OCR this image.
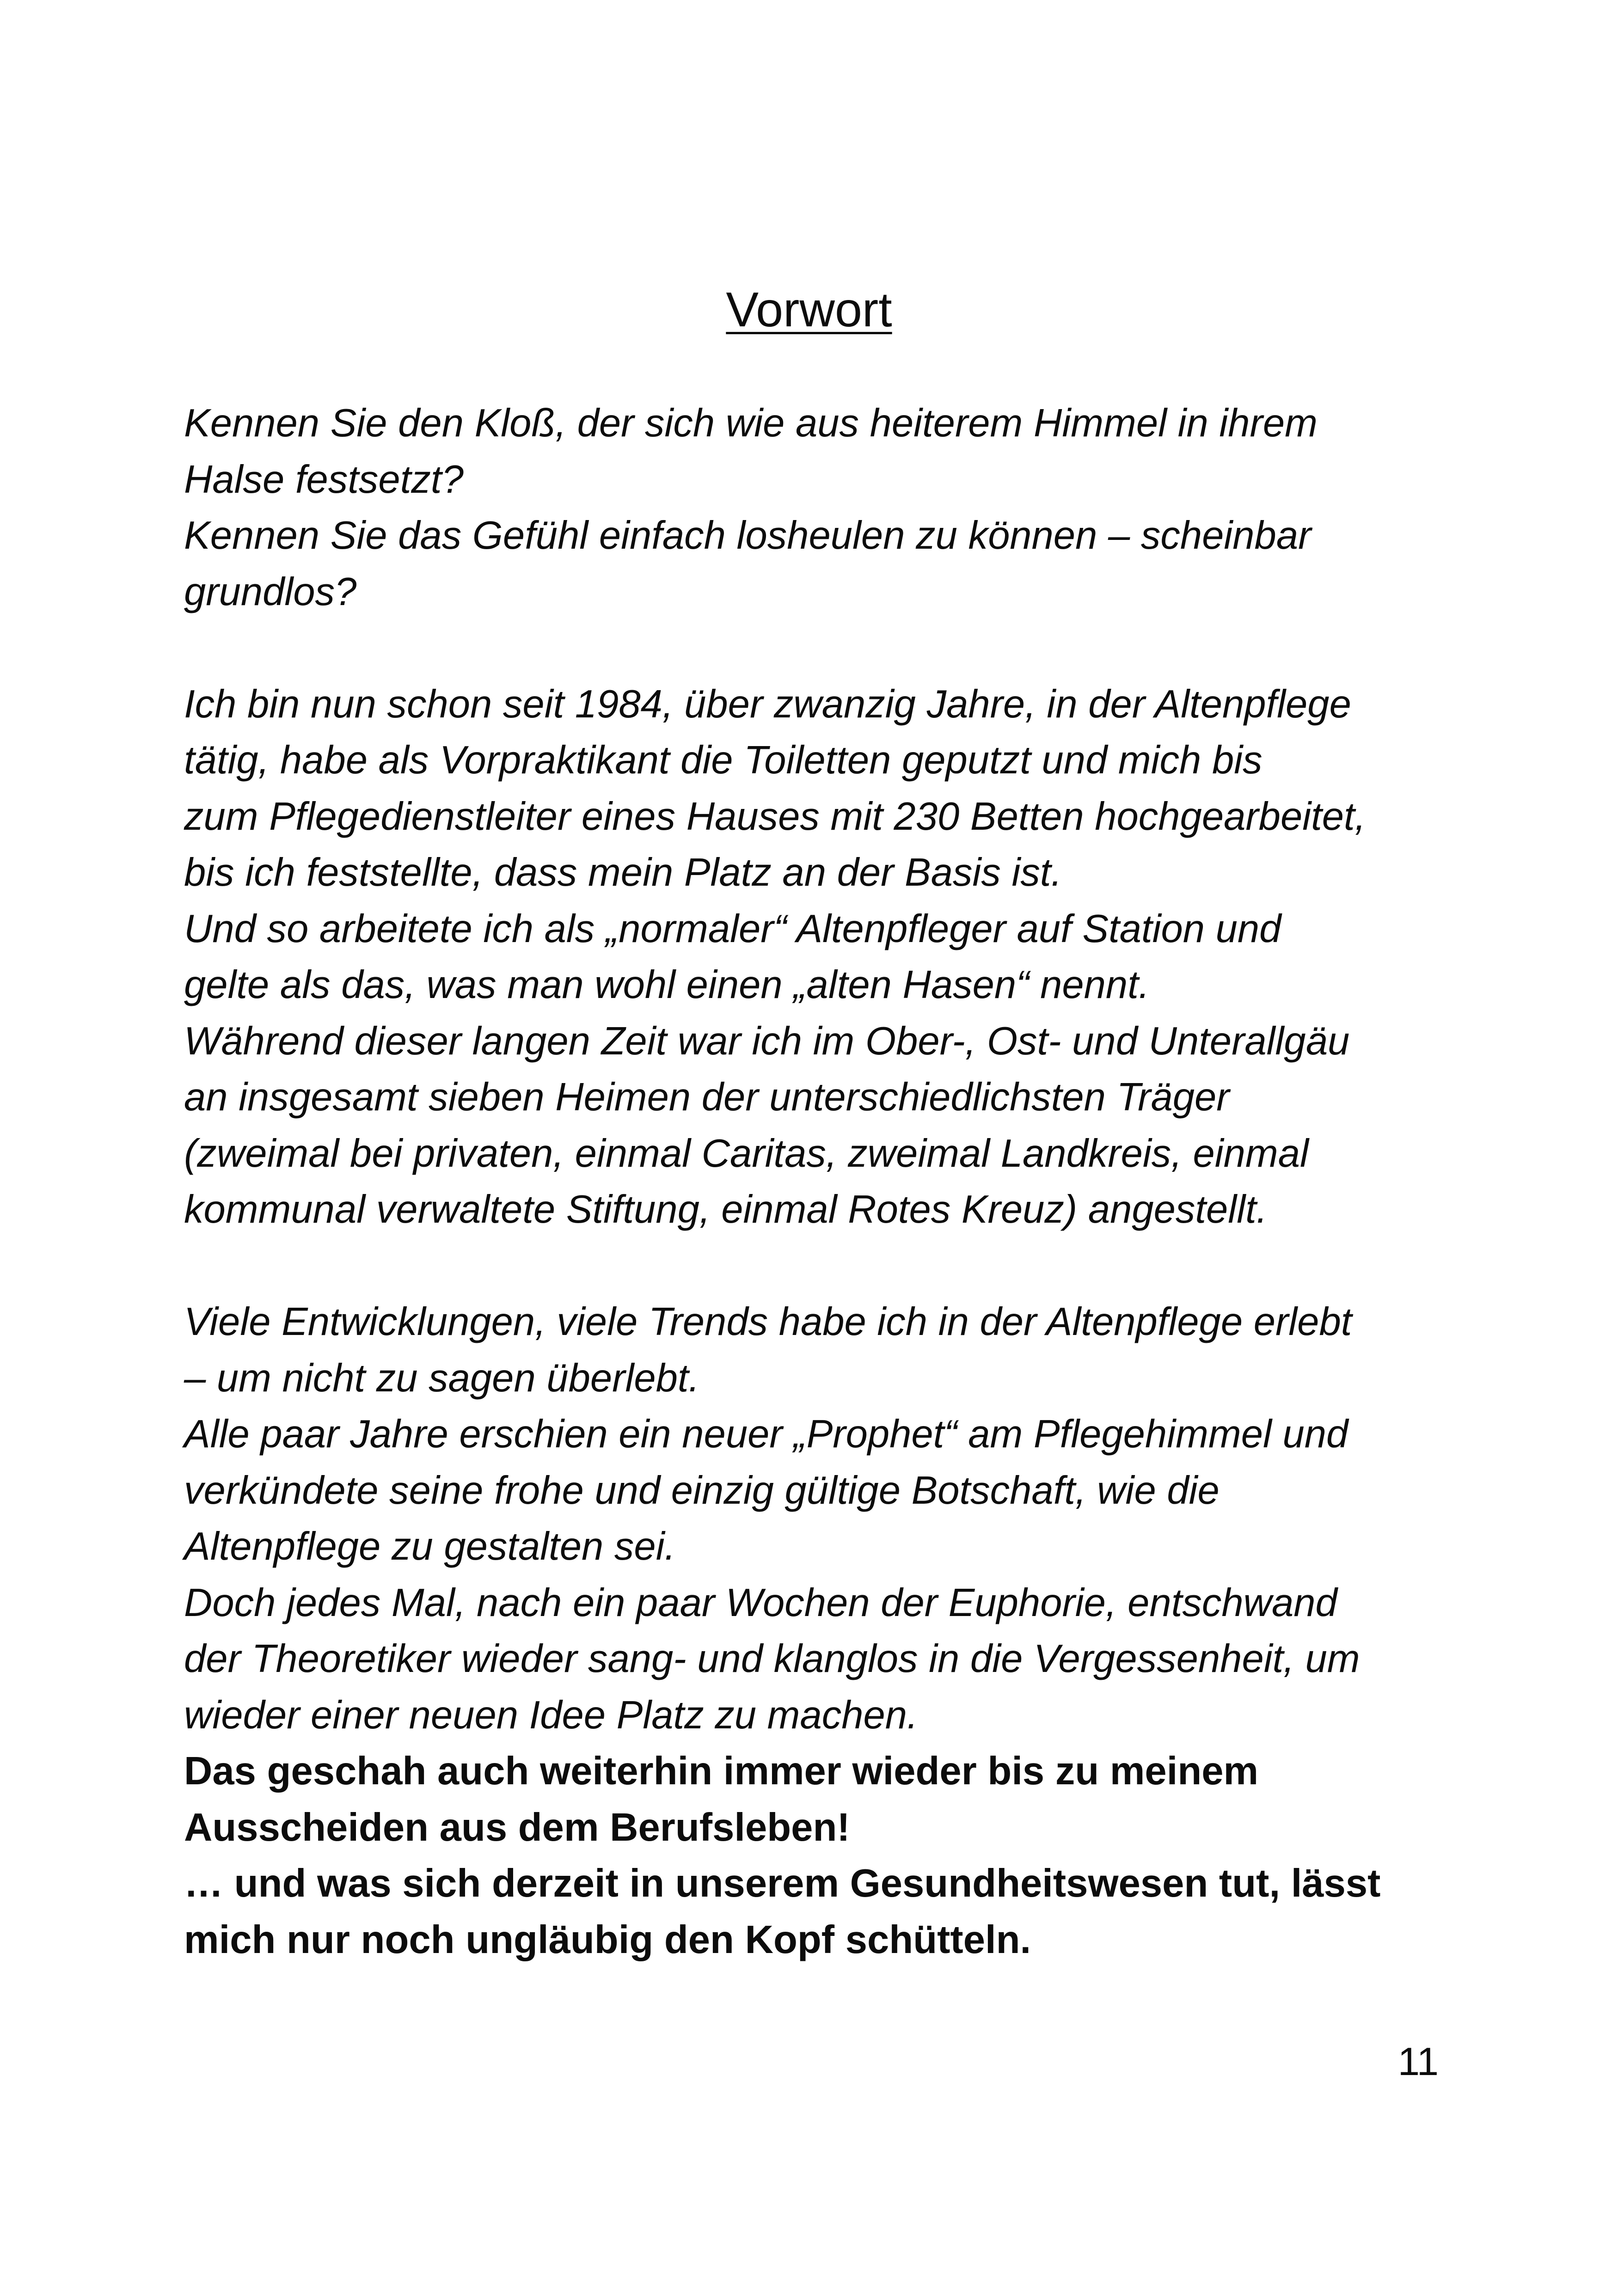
Vorwort
Kennen Sie den Kloß, der sich wie aus heiterem Himmel in ihrem
Halse festsetzt?
Kennen Sie das Gefühl einfach losheulen zu können – scheinbar
grundlos?
Ich bin nun schon seit 1984, über zwanzig Jahre, in der Altenpflege
tätig, habe als Vorpraktikant die Toiletten geputzt und mich bis
zum Pflegedienstleiter eines Hauses mit 230 Betten hochgearbeitet,
bis ich feststellte, dass mein Platz an der Basis ist.
Und so arbeitete ich als „normaler“ Altenpfleger auf Station und
gelte als das, was man wohl einen „alten Hasen“ nennt.
Während dieser langen Zeit war ich im Ober-, Ost- und Unterallgäu
an insgesamt sieben Heimen der unterschiedlichsten Träger
(zweimal bei privaten, einmal Caritas, zweimal Landkreis, einmal
kommunal verwaltete Stiftung, einmal Rotes Kreuz) angestellt.
Viele Entwicklungen, viele Trends habe ich in der Altenpflege erlebt
– um nicht zu sagen überlebt.
Alle paar Jahre erschien ein neuer „Prophet“ am Pflegehimmel und
verkündete seine frohe und einzig gültige Botschaft, wie die
Altenpflege zu gestalten sei.
Doch jedes Mal, nach ein paar Wochen der Euphorie, entschwand
der Theoretiker wieder sang- und klanglos in die Vergessenheit, um
wieder einer neuen Idee Platz zu machen.
Das geschah auch weiterhin immer wieder bis zu meinem
Ausscheiden aus dem Berufsleben!
… und was sich derzeit in unserem Gesundheitswesen tut, lässt
mich nur noch ungläubig den Kopf schütteln.
11
